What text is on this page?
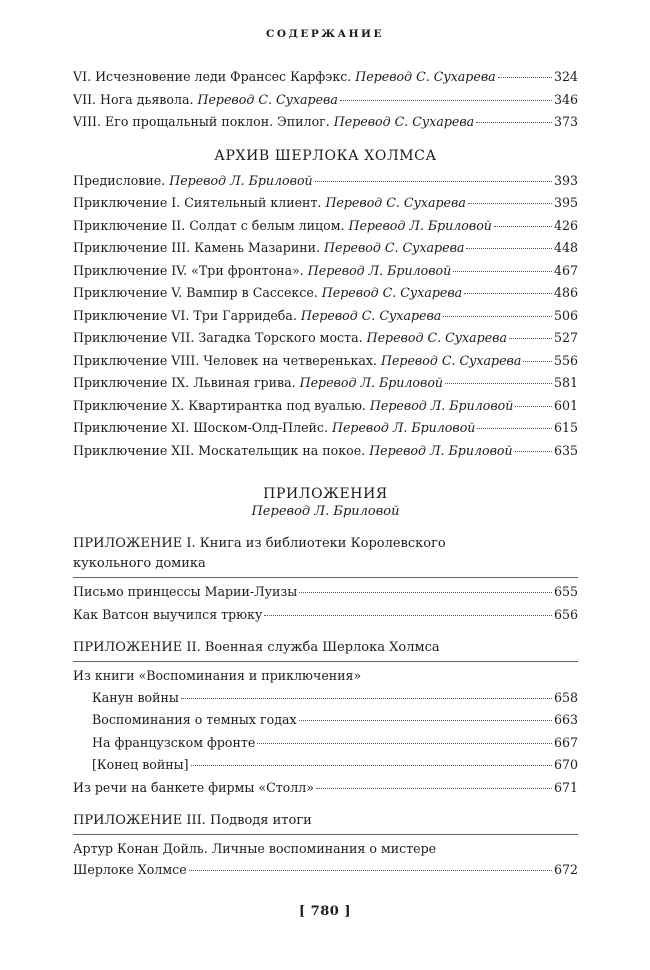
СОДЕРЖАНИЕ
VI. Исчезновение леди Франсес Карфэкс. Перевод С. Сухарева	324
VII. Нога дьявола. Перевод С. Сухарева	346
VIII. Его прощальный поклон. Эпилог. Перевод С. Сухарева	373
АРХИВ ШЕРЛОКА ХОЛМСА
Предисловие. Перевод Л. Бриловой	393
Приключение I. Сиятельный клиент. Перевод С. Сухарева	395
Приключение II. Солдат с белым лицом. Перевод Л. Бриловой	426
Приключение III. Камень Мазарини. Перевод С. Сухарева	448
Приключение IV. «Три фронтона». Перевод Л. Бриловой	467
Приключение V. Вампир в Сассексе. Перевод С. Сухарева	486
Приключение VI. Три Гарридеба. Перевод С. Сухарева	506
Приключение VII. Загадка Торского моста. Перевод С. Сухарева	527
Приключение VIII. Человек на четвереньках. Перевод С. Сухарева	556
Приключение IX. Львиная грива. Перевод Л. Бриловой	581
Приключение X. Квартирантка под вуалью. Перевод Л. Бриловой	601
Приключение XI. Шоском-Олд-Плейс. Перевод Л. Бриловой	615
Приключение XII. Москательщик на покое. Перевод Л. Бриловой	635
ПРИЛОЖЕНИЯ
Перевод Л. Бриловой
ПРИЛОЖЕНИЕ I. Книга из библиотеки Королевского
кукольного домика
Письмо принцессы Марии-Луизы	655
Как Ватсон выучился трюку	656
ПРИЛОЖЕНИЕ II. Военная служба Шерлока Холмса
Из книги «Воспоминания и приключения»
Канун войны	658
Воспоминания о темных годах	663
На французском фронте	667
[Конец войны]	670
Из речи на банкете фирмы «Столл»	671
ПРИЛОЖЕНИЕ III. Подводя итоги
Артур Конан Дойль. Личные воспоминания о мистере
Шерлоке Холмсе	672
[ 780 ]
